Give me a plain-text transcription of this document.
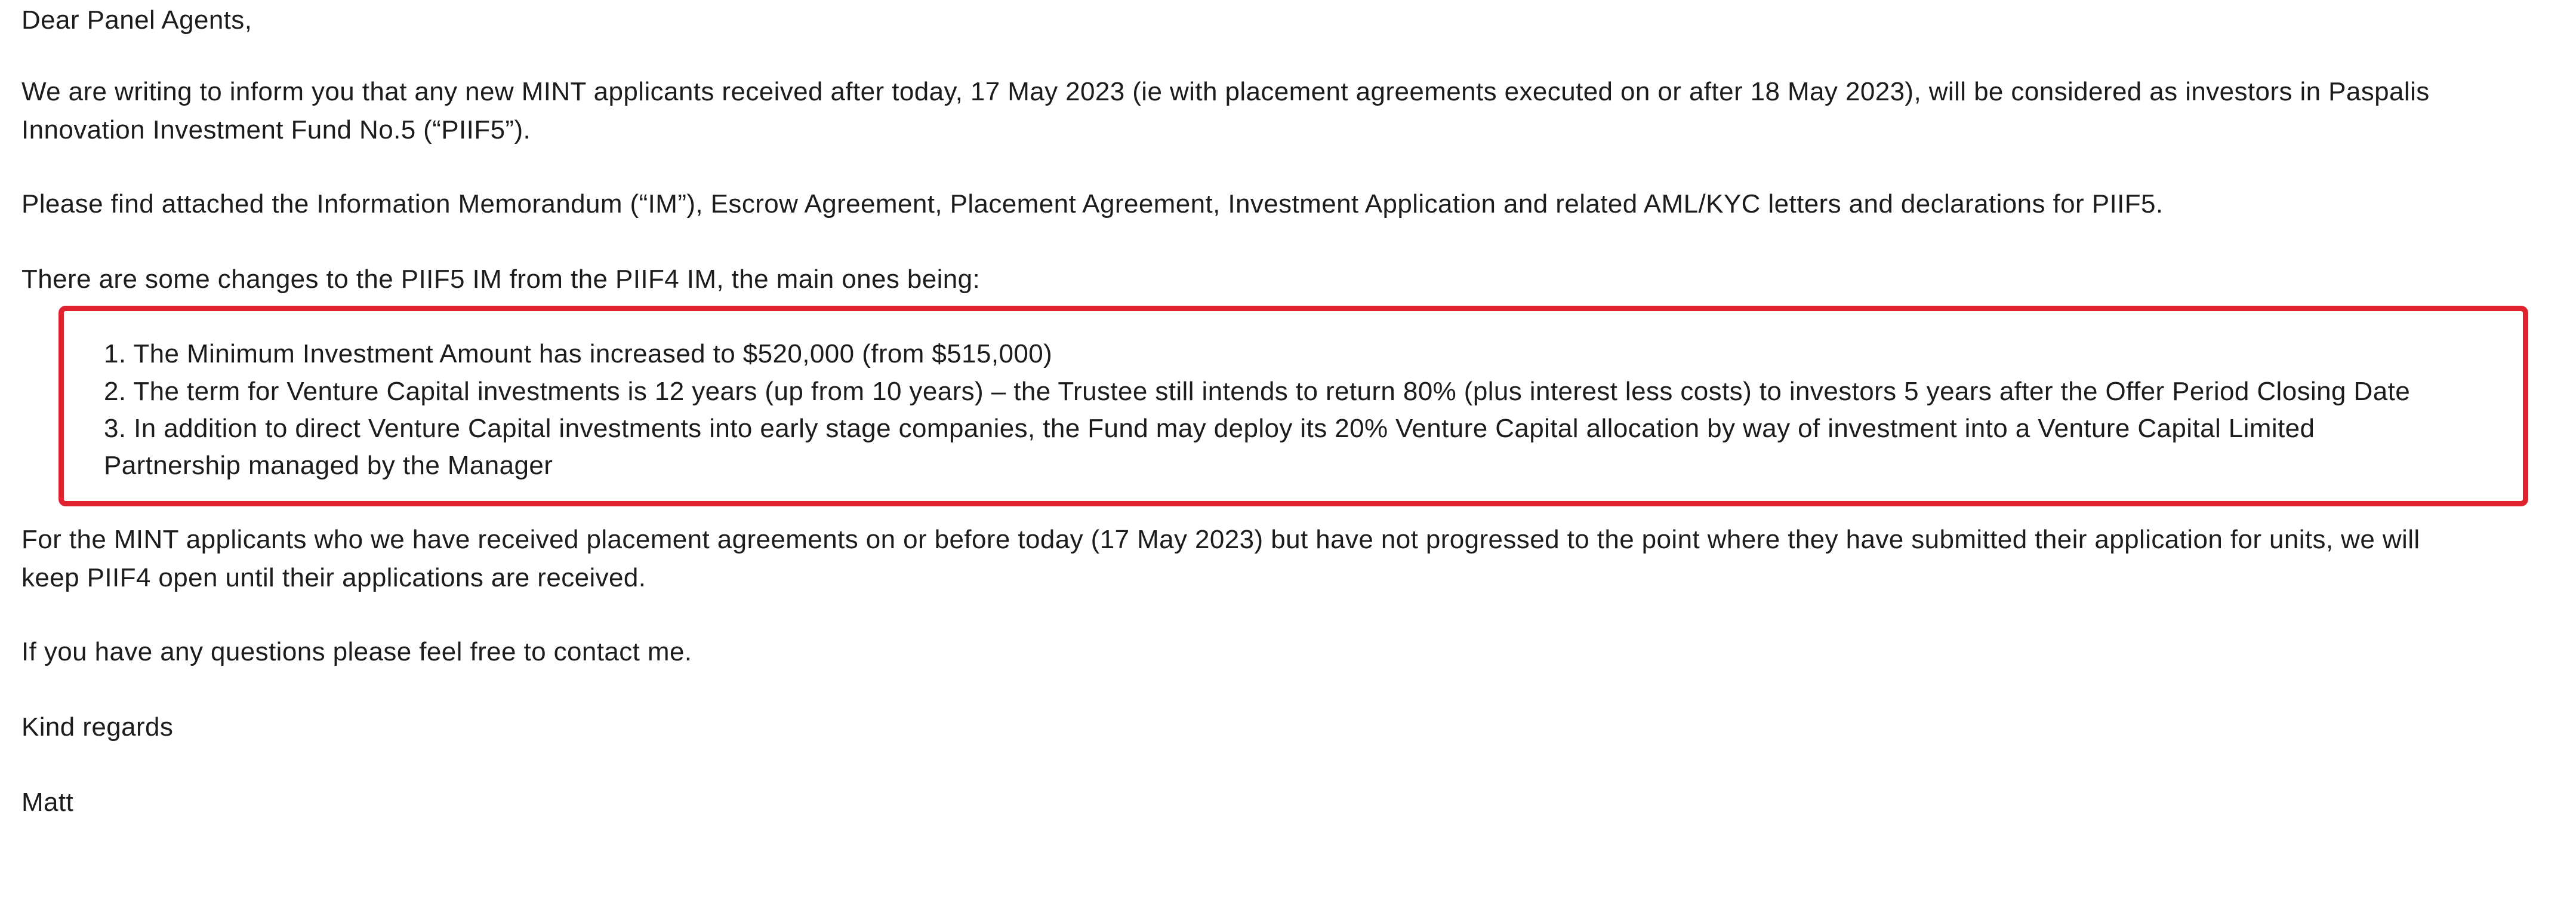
Dear Panel Agents,
We are writing to inform you that any new MINT applicants received after today, 17 May 2023 (ie with placement agreements executed on or after 18 May 2023), will be considered as investors in Paspalis
Innovation Investment Fund No.5 (“PIIF5”).
Please find attached the Information Memorandum (“IM”), Escrow Agreement, Placement Agreement, Investment Application and related AML/KYC letters and declarations for PIIF5.
There are some changes to the PIIF5 IM from the PIIF4 IM, the main ones being:
1. The Minimum Investment Amount has increased to $520,000 (from $515,000)
2. The term for Venture Capital investments is 12 years (up from 10 years) – the Trustee still intends to return 80% (plus interest less costs) to investors 5 years after the Offer Period Closing Date
3. In addition to direct Venture Capital investments into early stage companies, the Fund may deploy its 20% Venture Capital allocation by way of investment into a Venture Capital Limited
Partnership managed by the Manager
For the MINT applicants who we have received placement agreements on or before today (17 May 2023) but have not progressed to the point where they have submitted their application for units, we will
keep PIIF4 open until their applications are received.
If you have any questions please feel free to contact me.
Kind regards
Matt
